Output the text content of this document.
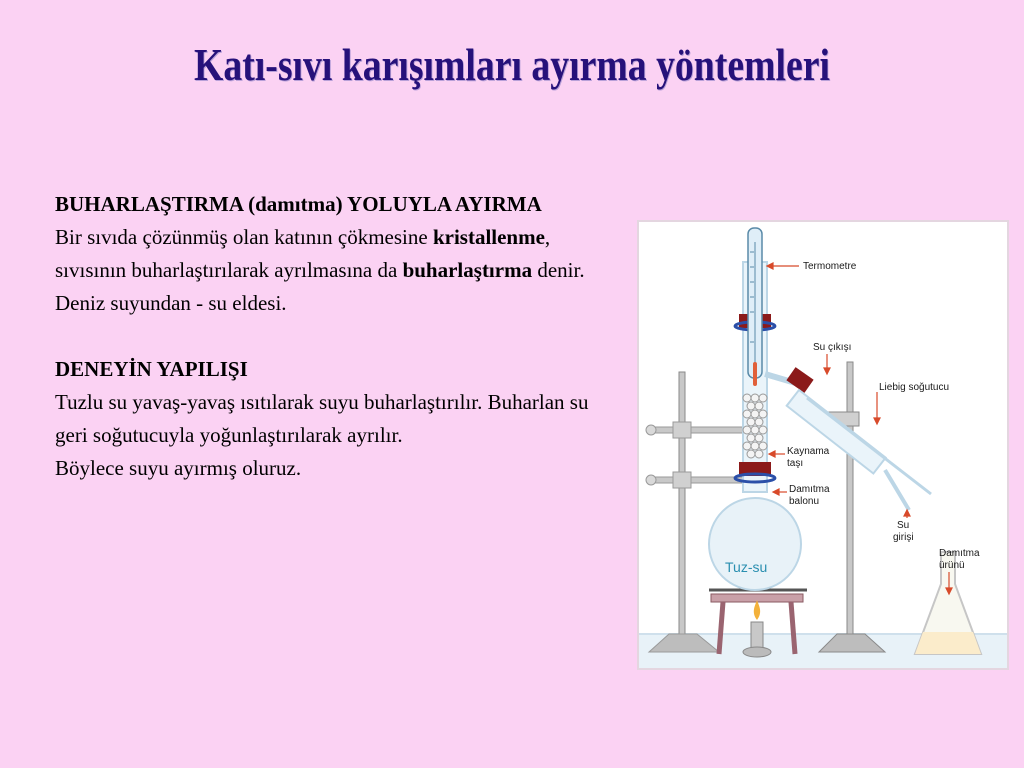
Katı-sıvı karışımları ayırma yöntemleri

BUHARLAŞTIRMA (damıtma) YOLUYLA AYIRMA

Bir sıvıda çözünmüş olan katının çökmesine kristallenme, sıvısının buharlaştırılarak ayrılmasına da buharlaştırma denir.

Deniz suyundan - su eldesi.

DENEYİN YAPILIŞI

Tuzlu su yavaş-yavaş ısıtılarak suyu buharlaştırılır. Buharlan su geri soğutucuyla yoğunlaştırılarak ayrılır.

Böylece suyu ayırmış oluruz.

Termometre
Su çıkışı
Liebig soğutucu
Kaynama
taşı
Damıtma
balonu
Su
girişi
Damıtma
ürünü
Tuz-su
